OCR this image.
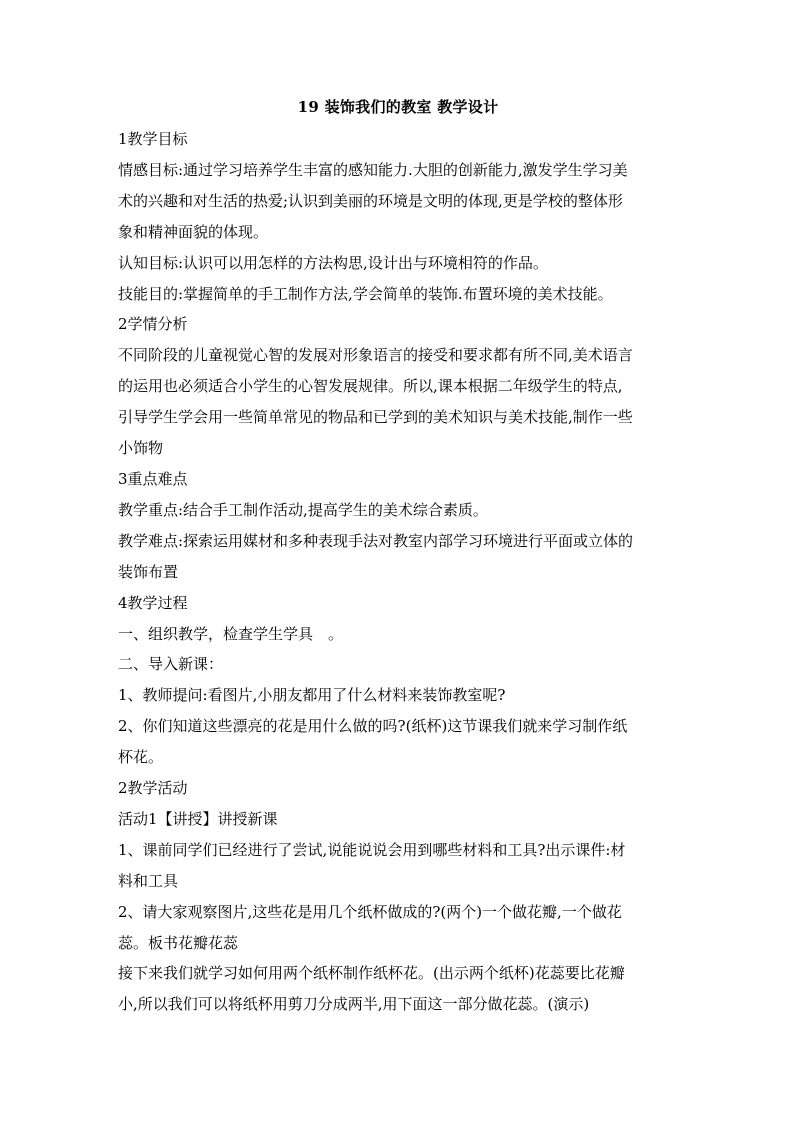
19 装饰我们的教室 教学设计

1教学目标

情感目标:通过学习培养学生丰富的感知能力.大胆的创新能力,激发学生学习美

术的兴趣和对生活的热爱;认识到美丽的环境是文明的体现,更是学校的整体形

象和精神面貌的体现。

认知目标:认识可以用怎样的方法构思,设计出与环境相符的作品。

技能目的:掌握简单的手工制作方法,学会简单的装饰.布置环境的美术技能。

2学情分析

不同阶段的儿童视觉心智的发展对形象语言的接受和要求都有所不同,美术语言

的运用也必须适合小学生的心智发展规律。所以,课本根据二年级学生的特点,

引导学生学会用一些简单常见的物品和已学到的美术知识与美术技能,制作一些

小饰物

3重点难点

教学重点:结合手工制作活动,提高学生的美术综合素质。

教学难点:探索运用媒材和多种表现手法对教室内部学习环境进行平面或立体的

装饰布置

4教学过程

一、组织教学，检查学生学具　。

二、导入新课：

1、教师提问:看图片,小朋友都用了什么材料来装饰教室呢?

2、你们知道这些漂亮的花是用什么做的吗?(纸杯)这节课我们就来学习制作纸

杯花。

2教学活动

活动1【讲授】讲授新课

1、课前同学们已经进行了尝试,说能说说会用到哪些材料和工具?出示课件:材

料和工具

2、请大家观察图片,这些花是用几个纸杯做成的?(两个)一个做花瓣,一个做花

蕊。板书花瓣花蕊

接下来我们就学习如何用两个纸杯制作纸杯花。(出示两个纸杯)花蕊要比花瓣

小,所以我们可以将纸杯用剪刀分成两半,用下面这一部分做花蕊。(演示)
